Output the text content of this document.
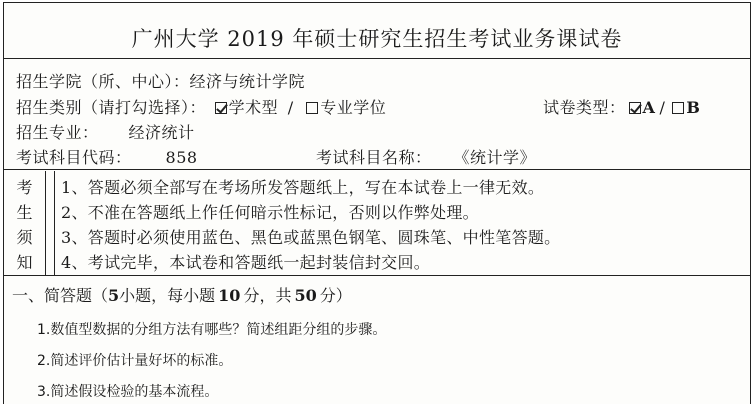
广州大学 2019 年硕士研究生招生考试业务课试卷
招生学院（所、中心）：经济与统计学院
招生类别（请打勾选择）： 学术型 / 专业学位	试卷类型： A / B
招生专业： 经济统计
考试科目代码： 858	考试科目名称： 《统计学》
考
生
须
知
1、答题必须全部写在考场所发答题纸上，写在本试卷上一律无效。
2、不准在答题纸上作任何暗示性标记，否则以作弊处理。
3、答题时必须使用蓝色、黑色或蓝黑色钢笔、圆珠笔、中性笔答题。
4、考试完毕，本试卷和答题纸一起封装信封交回。
一、简答题（5小题，每小题 10 分，共 50 分）
1.数值型数据的分组方法有哪些？简述组距分组的步骤。
2.简述评价估计量好坏的标准。
3.简述假设检验的基本流程。
